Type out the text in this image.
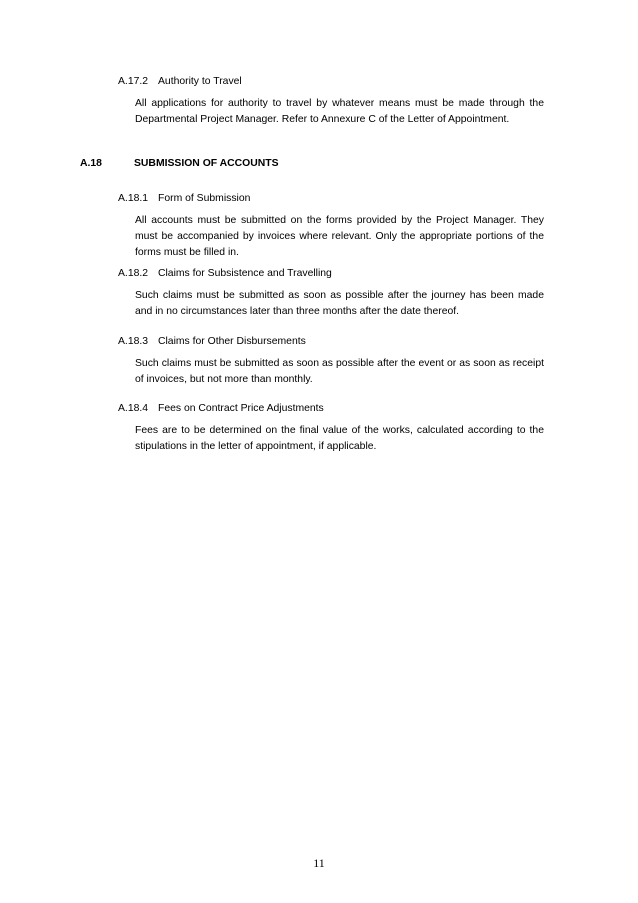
A.17.2 Authority to Travel
All applications for authority to travel by whatever means must be made through the Departmental Project Manager. Refer to Annexure C of the Letter of Appointment.
A.18	SUBMISSION OF ACCOUNTS
A.18.1 Form of Submission
All accounts must be submitted on the forms provided by the Project Manager. They must be accompanied by invoices where relevant. Only the appropriate portions of the forms must be filled in.
A.18.2 Claims for Subsistence and Travelling
Such claims must be submitted as soon as possible after the journey has been made and in no circumstances later than three months after the date thereof.
A.18.3 Claims for Other Disbursements
Such claims must be submitted as soon as possible after the event or as soon as receipt of invoices, but not more than monthly.
A.18.4 Fees on Contract Price Adjustments
Fees are to be determined on the final value of the works, calculated according to the stipulations in the letter of appointment, if applicable.
11
